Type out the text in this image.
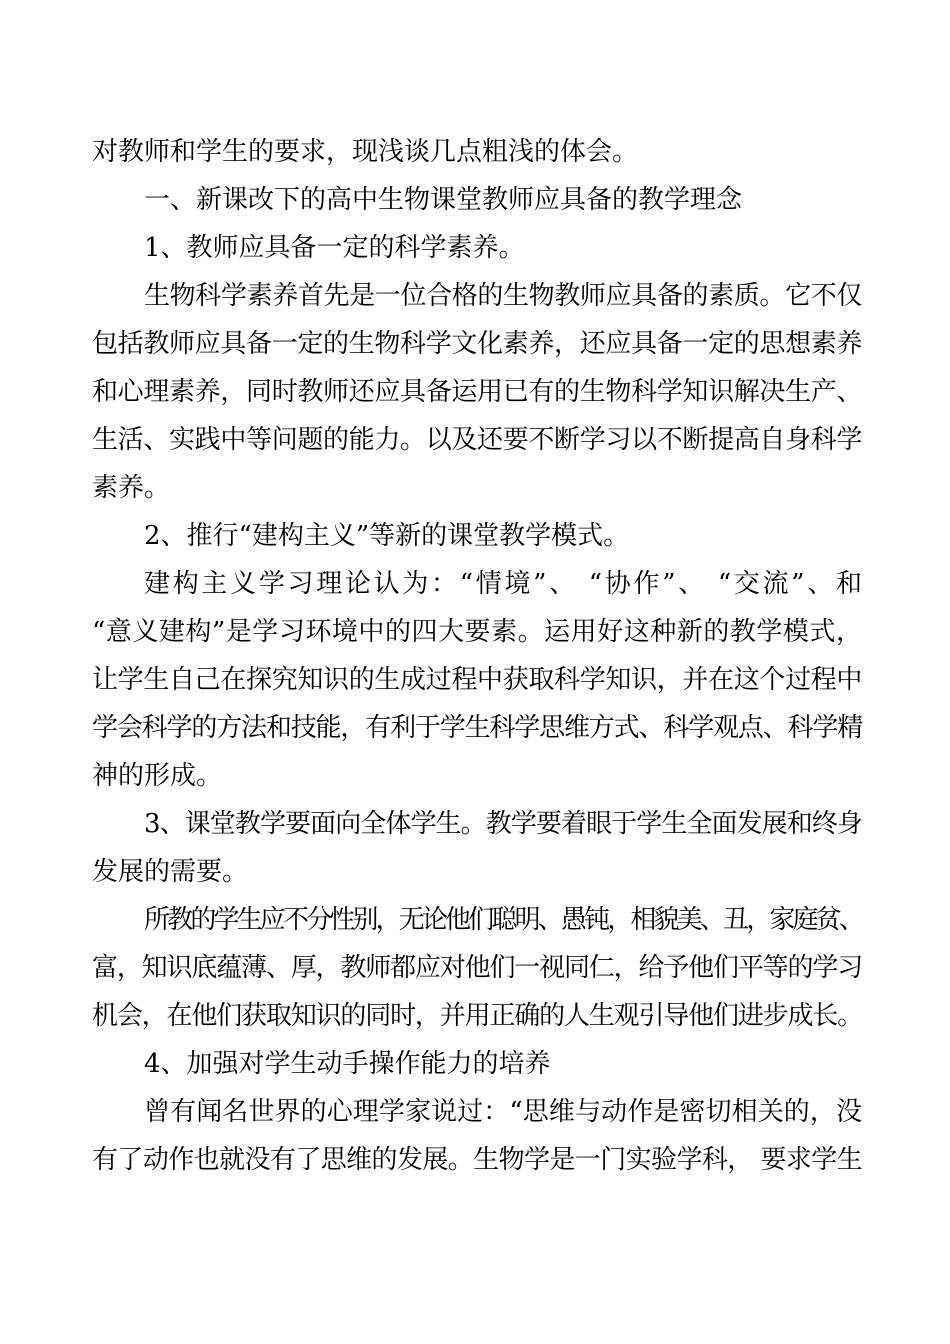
对教师和学生的要求，现浅谈几点粗浅的体会。
一、新课改下的高中生物课堂教师应具备的教学理念
1、教师应具备一定的科学素养。
生物科学素养首先是一位合格的生物教师应具备的素质。它不仅
包括教师应具备一定的生物科学文化素养，还应具备一定的思想素养
和心理素养，同时教师还应具备运用已有的生物科学知识解决生产、
生活、实践中等问题的能力。以及还要不断学习以不断提高自身科学
素养。
2、推行“建构主义”等新的课堂教学模式。
建构主义学习理论认为：“情境”、 “协作”、 “交流”、和
“意义建构”是学习环境中的四大要素。运用好这种新的教学模式，
让学生自己在探究知识的生成过程中获取科学知识，并在这个过程中
学会科学的方法和技能，有利于学生科学思维方式、科学观点、科学精
神的形成。
3、课堂教学要面向全体学生。教学要着眼于学生全面发展和终身
发展的需要。
所教的学生应不分性别，无论他们聪明、愚钝，相貌美、丑，家庭贫、
富，知识底蕴薄、厚，教师都应对他们一视同仁，给予他们平等的学习
机会，在他们获取知识的同时，并用正确的人生观引导他们进步成长。
4、加强对学生动手操作能力的培养
曾有闻名世界的心理学家说过：“思维与动作是密切相关的，没
有了动作也就没有了思维的发展。生物学是一门实验学科， 要求学生
